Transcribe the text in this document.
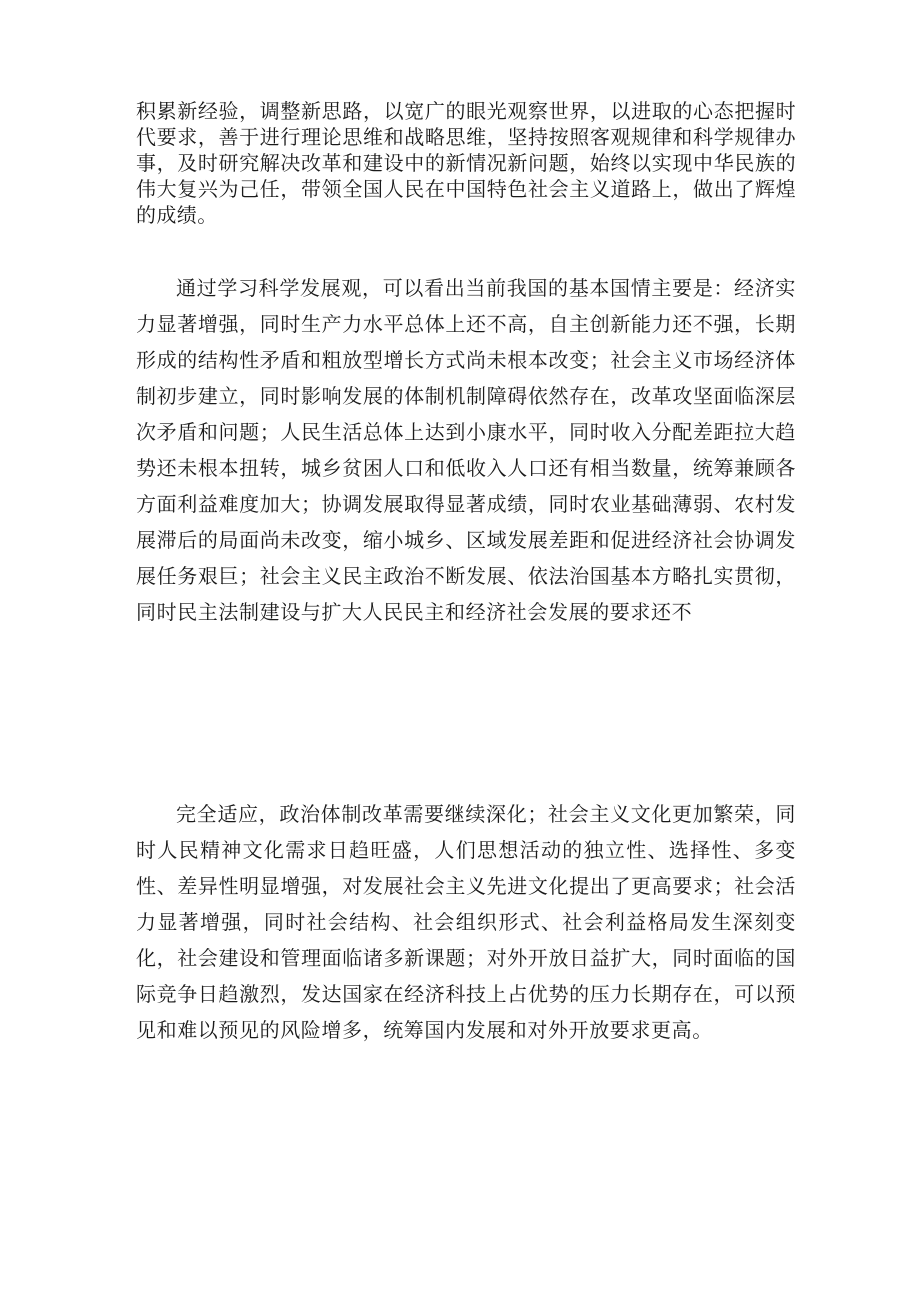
积累新经验，调整新思路，以宽广的眼光观察世界，以进取的心态把握时代要求，善于进行理论思维和战略思维，坚持按照客观规律和科学规律办事，及时研究解决改革和建设中的新情况新问题，始终以实现中华民族的伟大复兴为己任，带领全国人民在中国特色社会主义道路上，做出了辉煌的成绩。

通过学习科学发展观，可以看出当前我国的基本国情主要是：经济实力显著增强，同时生产力水平总体上还不高，自主创新能力还不强，长期形成的结构性矛盾和粗放型增长方式尚未根本改变；社会主义市场经济体制初步建立，同时影响发展的体制机制障碍依然存在，改革攻坚面临深层次矛盾和问题；人民生活总体上达到小康水平，同时收入分配差距拉大趋势还未根本扭转，城乡贫困人口和低收入人口还有相当数量，统筹兼顾各方面利益难度加大；协调发展取得显著成绩，同时农业基础薄弱、农村发展滞后的局面尚未改变，缩小城乡、区域发展差距和促进经济社会协调发展任务艰巨；社会主义民主政治不断发展、依法治国基本方略扎实贯彻，同时民主法制建设与扩大人民民主和经济社会发展的要求还不

完全适应，政治体制改革需要继续深化；社会主义文化更加繁荣，同时人民精神文化需求日趋旺盛，人们思想活动的独立性、选择性、多变性、差异性明显增强，对发展社会主义先进文化提出了更高要求；社会活力显著增强，同时社会结构、社会组织形式、社会利益格局发生深刻变化，社会建设和管理面临诸多新课题；对外开放日益扩大，同时面临的国际竞争日趋激烈，发达国家在经济科技上占优势的压力长期存在，可以预见和难以预见的风险增多，统筹国内发展和对外开放要求更高。
